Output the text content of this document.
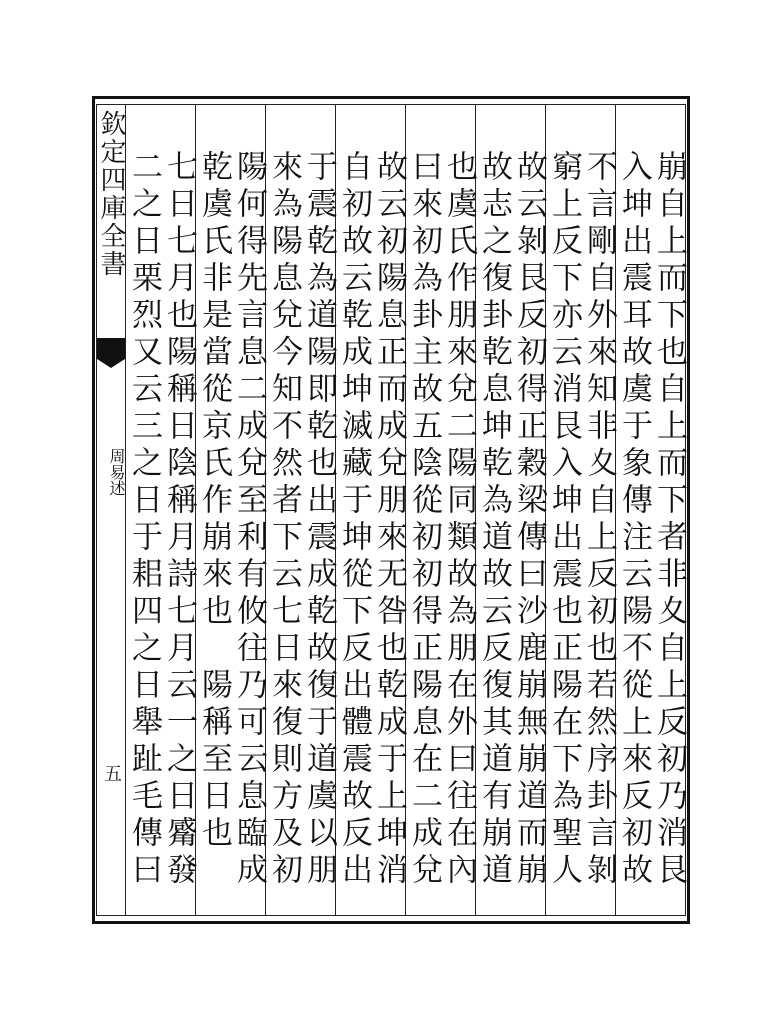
欽定四庫全書
周易述
五	崩自上而下也自上而下者非夊自上反初乃消艮
入坤出震耳故虞于象傳注云陽不從上來反初故
不言剛自外來知非夊自上反初也若然序卦言剝
窮上反下亦云消艮入坤出震也正陽在下為聖人
故云剝艮反初得正穀梁傳曰沙鹿崩無崩道而崩
故志之復卦乾息坤乾為道故云反復其道有崩道
也虞氏作朋來兌二陽同類故為朋在外曰往在內
曰來初為卦主故五陰從初初得正陽息在二成兌
故云初陽息正而成兌朋來无咎也乾成于上坤消
自初故云乾成坤滅藏于坤從下反出體震故反出
于震乾為道陽即乾也出震成乾故復于道虞以朋
來為陽息兌今知不然者下云七日來復則方及初
陽何得先言息二成兌至利有攸往乃可云息臨成
乾虞氏非是當從京氏作崩來也　陽稱至日也
七日七月也陽稱日陰稱月詩七月云一之日觱發
二之日栗烈又云三之日于耜四之日舉趾毛傳曰
